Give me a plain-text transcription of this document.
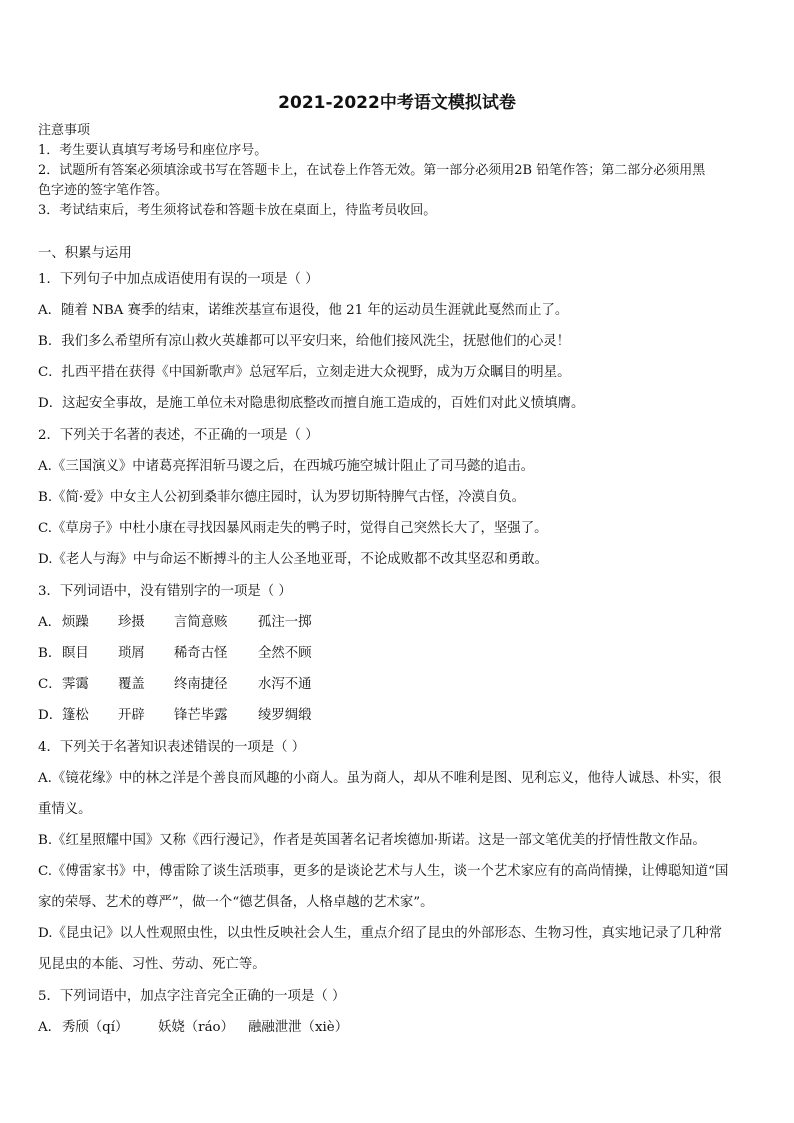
2021-2022中考语文模拟试卷
注意事项
1．考生要认真填写考场号和座位序号。
2．试题所有答案必须填涂或书写在答题卡上，在试卷上作答无效。第一部分必须用2B 铅笔作答；第二部分必须用黑
色字迹的签字笔作答。
3．考试结束后，考生须将试卷和答题卡放在桌面上，待监考员收回。
一、积累与运用
1．下列句子中加点成语使用有误的一项是（ ）
A．随着 NBA 赛季的结束，诺维茨基宣布退役，他 21 年的运动员生涯就此戛然而止了。
B．我们多么希望所有凉山救火英雄都可以平安归来，给他们接风洗尘，抚慰他们的心灵！
C．扎西平措在获得《中国新歌声》总冠军后，立刻走进大众视野，成为万众瞩目的明星。
D．这起安全事故，是施工单位未对隐患彻底整改而擅自施工造成的，百姓们对此义愤填膺。
2．下列关于名著的表述，不正确的一项是（ ）
A.《三国演义》中诸葛亮挥泪斩马谡之后，在西城巧施空城计阻止了司马懿的追击。
B.《简·爱》中女主人公初到桑菲尔德庄园时，认为罗切斯特脾气古怪，冷漠自负。
C.《草房子》中杜小康在寻找因暴风雨走失的鸭子时，觉得自己突然长大了，坚强了。
D.《老人与海》中与命运不断搏斗的主人公圣地亚哥，不论成败都不改其坚忍和勇敢。
3．下列词语中，没有错别字的一项是（ ）
A．烦躁 珍摄 言简意赅 孤注一掷
B．瞑目 琐屑 稀奇古怪 全然不顾
C．霁霭 覆盖 终南捷径 水泻不通
D．篷松 开辟 锋芒毕露 绫罗绸缎
4．下列关于名著知识表述错误的一项是（ ）
A.《镜花缘》中的林之洋是个善良而风趣的小商人。虽为商人，却从不唯利是图、见利忘义，他待人诚恳、朴实，很
重情义。
B.《红星照耀中国》又称《西行漫记》，作者是英国著名记者埃德加·斯诺。这是一部文笔优美的抒情性散文作品。
C.《傅雷家书》中，傅雷除了谈生活琐事，更多的是谈论艺术与人生，谈一个艺术家应有的高尚情操，让傅聪知道“国
家的荣辱、艺术的尊严”，做一个“德艺俱备，人格卓越的艺术家”。
D.《昆虫记》以人性观照虫性，以虫性反映社会人生，重点介绍了昆虫的外部形态、生物习性，真实地记录了几种常
见昆虫的本能、习性、劳动、死亡等。
5．下列词语中，加点字注音完全正确的一项是（ ）
A．秀颀（qí） 妖娆（ráo） 融融泄泄（xiè）
